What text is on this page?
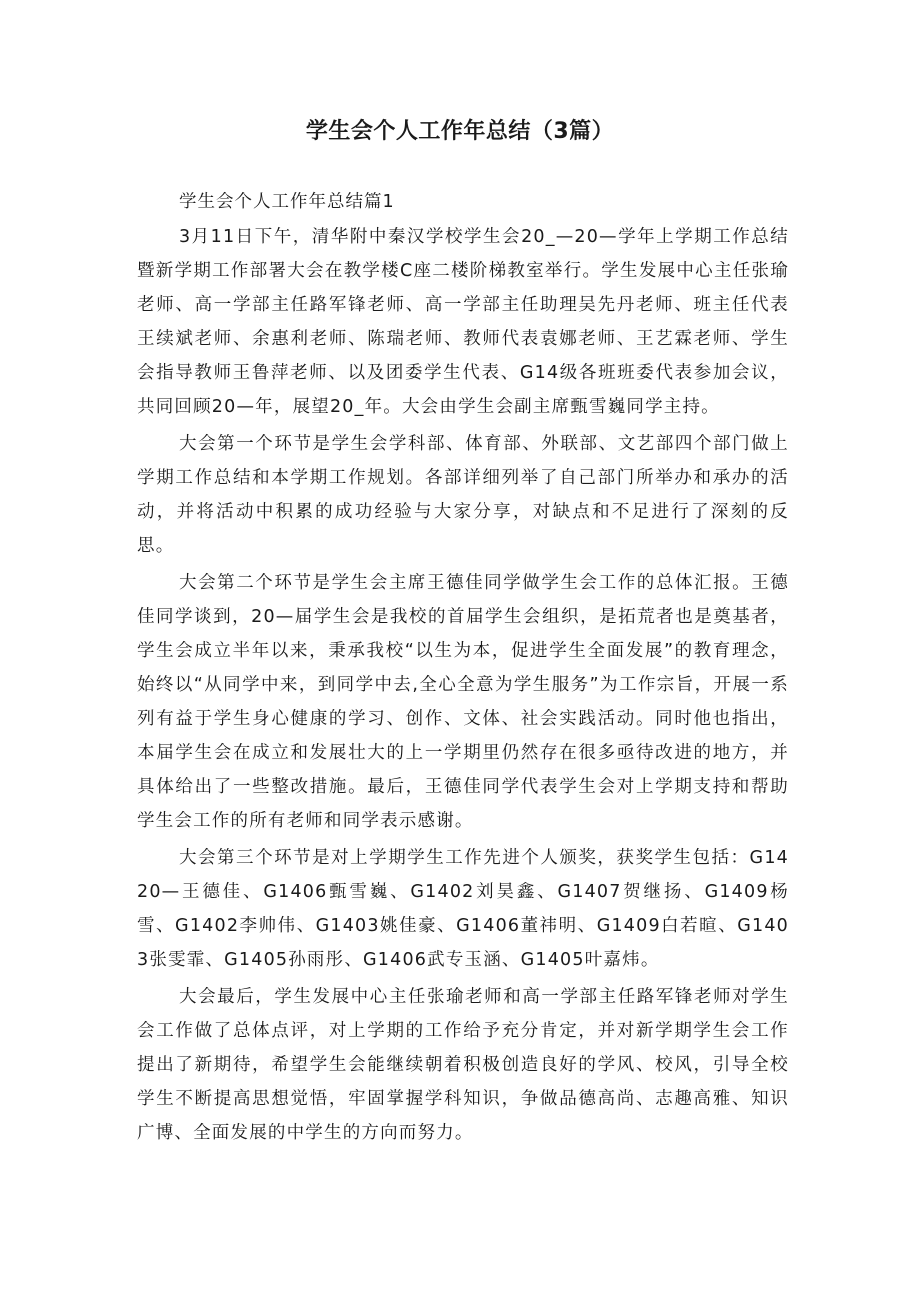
学生会个人工作年总结（3篇）

学生会个人工作年总结篇1

3月11日下午，清华附中秦汉学校学生会20_—20—学年上学期工作总结暨新学期工作部署大会在教学楼C座二楼阶梯教室举行。学生发展中心主任张瑜老师、高一学部主任路军锋老师、高一学部主任助理吴先丹老师、班主任代表王续斌老师、余惠利老师、陈瑞老师、教师代表袁娜老师、王艺霖老师、学生会指导教师王鲁萍老师、以及团委学生代表、G14级各班班委代表参加会议，共同回顾20—年，展望20_年。大会由学生会副主席甄雪巍同学主持。

大会第一个环节是学生会学科部、体育部、外联部、文艺部四个部门做上学期工作总结和本学期工作规划。各部详细列举了自己部门所举办和承办的活动，并将活动中积累的成功经验与大家分享，对缺点和不足进行了深刻的反思。

大会第二个环节是学生会主席王德佳同学做学生会工作的总体汇报。王德佳同学谈到，20—届学生会是我校的首届学生会组织，是拓荒者也是奠基者，学生会成立半年以来，秉承我校“以生为本，促进学生全面发展”的教育理念，始终以“从同学中来，到同学中去,全心全意为学生服务”为工作宗旨，开展一系列有益于学生身心健康的学习、创作、文体、社会实践活动。同时他也指出，本届学生会在成立和发展壮大的上一学期里仍然存在很多亟待改进的地方，并具体给出了一些整改措施。最后，王德佳同学代表学生会对上学期支持和帮助学生会工作的所有老师和同学表示感谢。

大会第三个环节是对上学期学生工作先进个人颁奖，获奖学生包括：G1420—王德佳、G1406甄雪巍、G1402刘昊鑫、G1407贺继扬、G1409杨雪、G1402李帅伟、G1403姚佳豪、G1406董祎明、G1409白若暄、G1403张雯霏、G1405孙雨彤、G1406武专玉涵、G1405叶嘉炜。

大会最后，学生发展中心主任张瑜老师和高一学部主任路军锋老师对学生会工作做了总体点评，对上学期的工作给予充分肯定，并对新学期学生会工作提出了新期待，希望学生会能继续朝着积极创造良好的学风、校风，引导全校学生不断提高思想觉悟，牢固掌握学科知识，争做品德高尚、志趣高雅、知识广博、全面发展的中学生的方向而努力。
